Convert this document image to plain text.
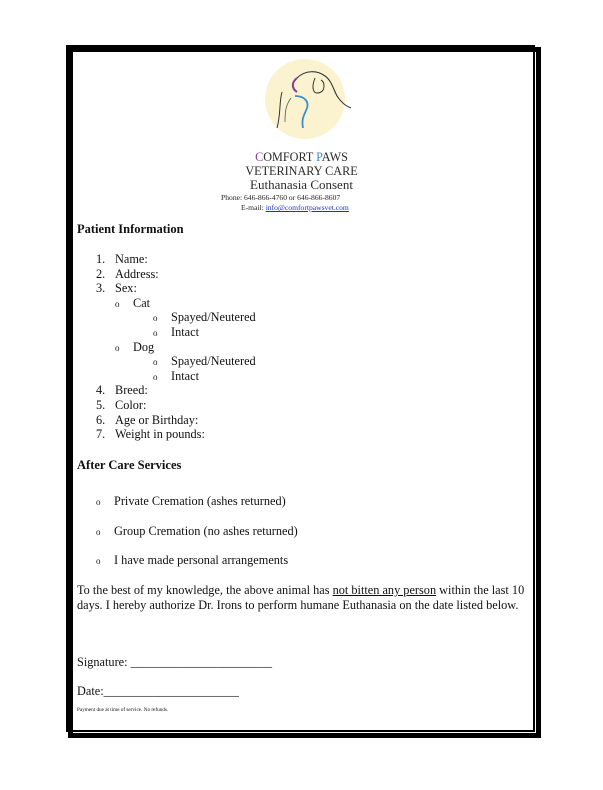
COMFORT PAWS
VETERINARY CARE
Euthanasia Consent
Phone: 646-866-4760 or 646-866-8607
E-mail: info@comfortpawsvet.com
Patient Information
1. Name:
2. Address:
3. Sex:
o Cat
o Spayed/Neutered
o Intact
o Dog
o Spayed/Neutered
o Intact
4. Breed:
5. Color:
6. Age or Birthday:
7. Weight in pounds:
After Care Services
o Private Cremation (ashes returned)
o Group Cremation (no ashes returned)
o I have made personal arrangements
To the best of my knowledge, the above animal has not bitten any person within the last 10 days. I hereby authorize Dr. Irons to perform humane Euthanasia on the date listed below.
Signature: _______________________
Date:______________________
Payment due at time of service. No refunds.
